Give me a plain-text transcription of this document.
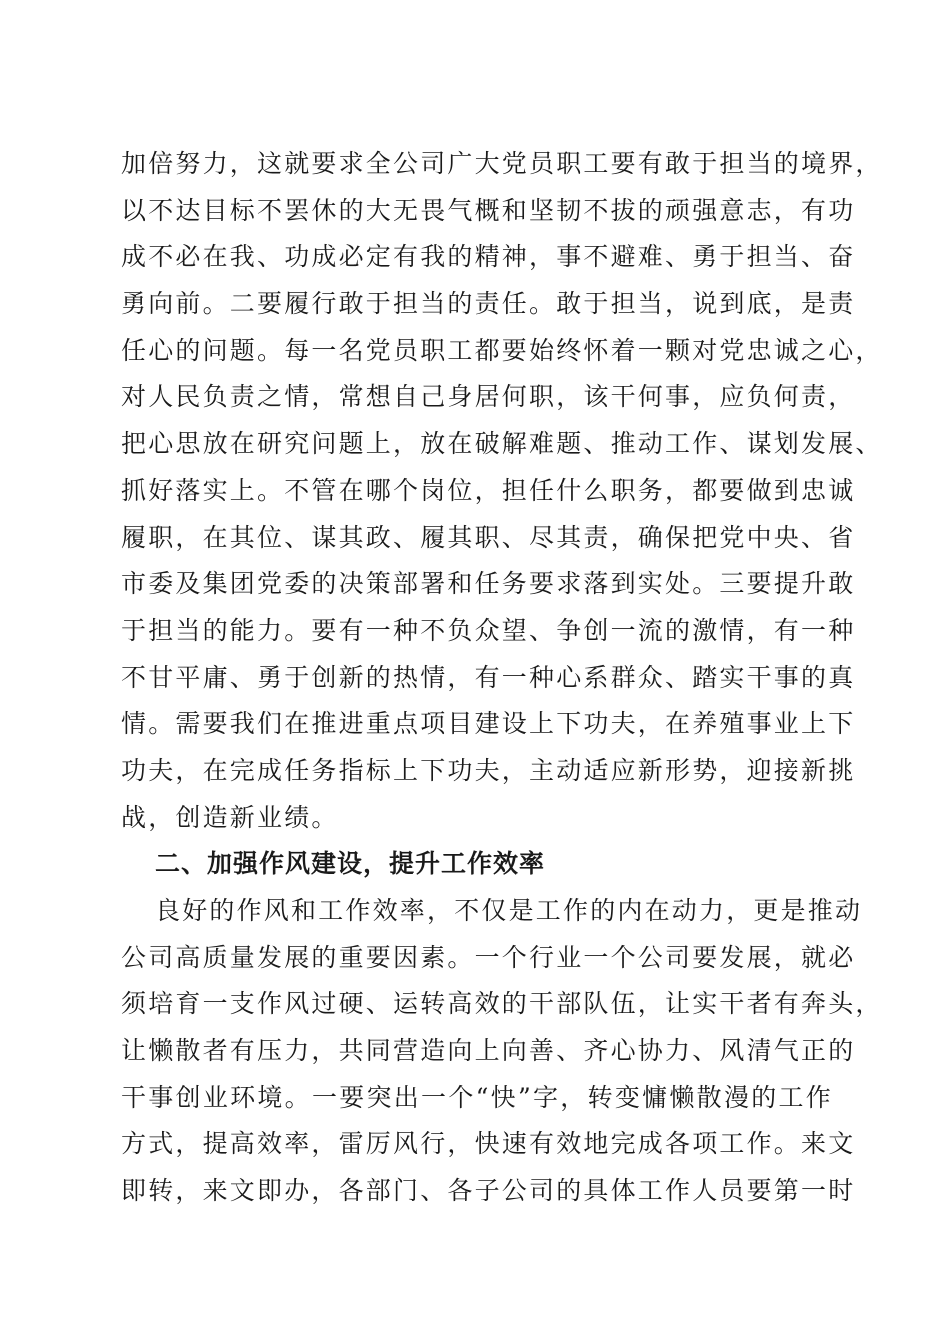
加倍努力，这就要求全公司广大党员职工要有敢于担当的境界，
以不达目标不罢休的大无畏气概和坚韧不拔的顽强意志，有功
成不必在我、功成必定有我的精神，事不避难、勇于担当、奋
勇向前。二要履行敢于担当的责任。敢于担当，说到底，是责
任心的问题。每一名党员职工都要始终怀着一颗对党忠诚之心，
对人民负责之情，常想自己身居何职，该干何事，应负何责，
把心思放在研究问题上，放在破解难题、推动工作、谋划发展、
抓好落实上。不管在哪个岗位，担任什么职务，都要做到忠诚
履职，在其位、谋其政、履其职、尽其责，确保把党中央、省
市委及集团党委的决策部署和任务要求落到实处。三要提升敢
于担当的能力。要有一种不负众望、争创一流的激情，有一种
不甘平庸、勇于创新的热情，有一种心系群众、踏实干事的真
情。需要我们在推进重点项目建设上下功夫，在养殖事业上下
功夫，在完成任务指标上下功夫，主动适应新形势，迎接新挑
战，创造新业绩。
二、加强作风建设，提升工作效率
良好的作风和工作效率，不仅是工作的内在动力，更是推动
公司高质量发展的重要因素。一个行业一个公司要发展，就必
须培育一支作风过硬、运转高效的干部队伍，让实干者有奔头，
让懒散者有压力，共同营造向上向善、齐心协力、风清气正的
干事创业环境。一要突出一个“快”字，转变慵懒散漫的工作
方式，提高效率，雷厉风行，快速有效地完成各项工作。来文
即转，来文即办，各部门、各子公司的具体工作人员要第一时
